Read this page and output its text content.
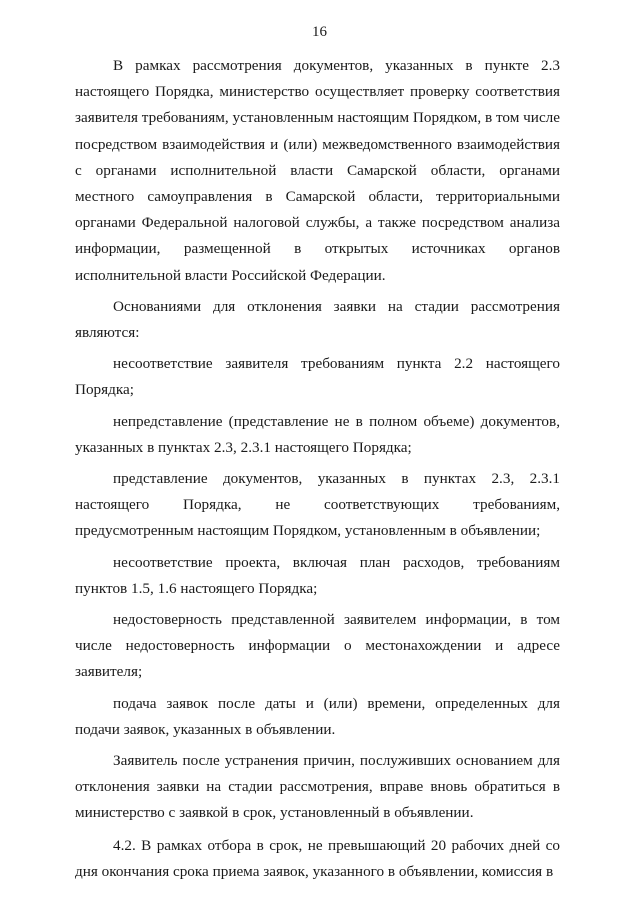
16

В рамках рассмотрения документов, указанных в пункте 2.3 настоящего Порядка, министерство осуществляет проверку соответствия заявителя требованиям, установленным настоящим Порядком, в том числе посредством взаимодействия и (или) межведомственного взаимодействия с органами исполнительной власти Самарской области, органами местного самоуправления в Самарской области, территориальными органами Федеральной налоговой службы, а также посредством анализа информации, размещенной в открытых источниках органов исполнительной власти Российской Федерации.

Основаниями для отклонения заявки на стадии рассмотрения являются:

несоответствие заявителя требованиям пункта 2.2 настоящего Порядка;

непредставление (представление не в полном объеме) документов, указанных в пунктах 2.3, 2.3.1 настоящего Порядка;

представление документов, указанных в пунктах 2.3, 2.3.1 настоящего Порядка, не соответствующих требованиям, предусмотренным настоящим Порядком, установленным в объявлении;

несоответствие проекта, включая план расходов, требованиям пунктов 1.5, 1.6 настоящего Порядка;

недостоверность представленной заявителем информации, в том числе недостоверность информации о местонахождении и адресе заявителя;

подача заявок после даты и (или) времени, определенных для подачи заявок, указанных в объявлении.

Заявитель после устранения причин, послуживших основанием для отклонения заявки на стадии рассмотрения, вправе вновь обратиться в министерство с заявкой в срок, установленный в объявлении.

4.2. В рамках отбора в срок, не превышающий 20 рабочих дней со дня окончания срока приема заявок, указанного в объявлении, комиссия в
